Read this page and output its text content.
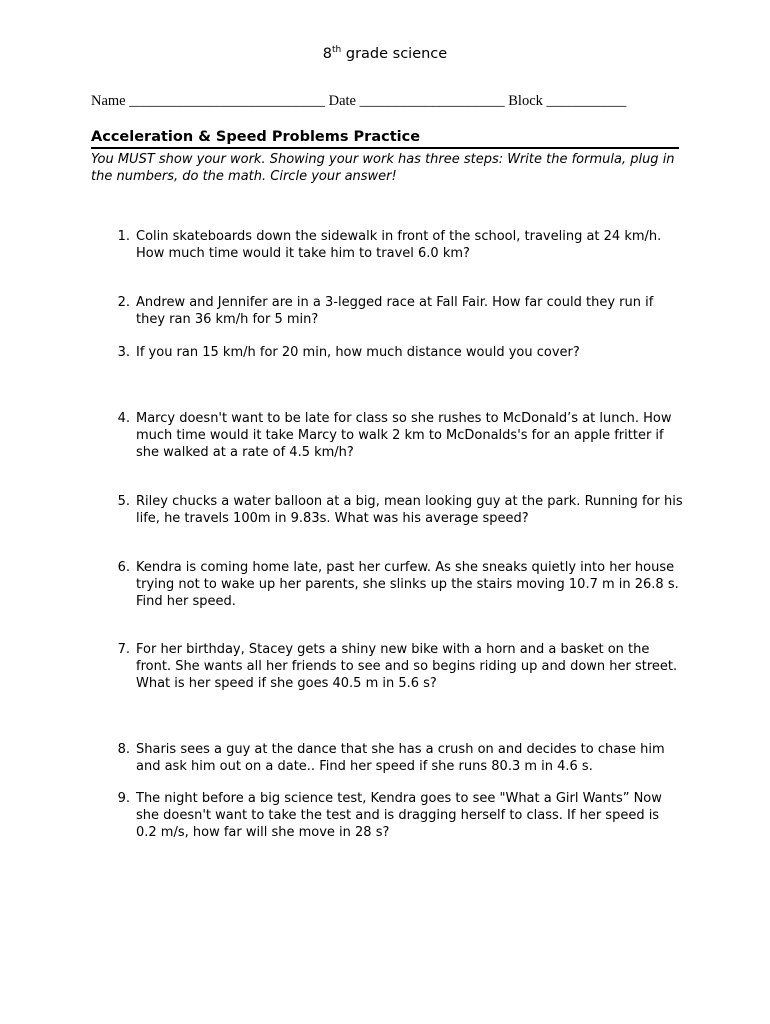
8th grade science
Name ___________________________ Date ____________________ Block ___________
Acceleration & Speed Problems Practice
You MUST show your work. Showing your work has three steps: Write the formula, plug in the numbers, do the math. Circle your answer!
1. Colin skateboards down the sidewalk in front of the school, traveling at 24 km/h. How much time would it take him to travel 6.0 km?
2. Andrew and Jennifer are in a 3-legged race at Fall Fair. How far could they run if they ran 36 km/h for 5 min?
3. If you ran 15 km/h for 20 min, how much distance would you cover?
4. Marcy doesn't want to be late for class so she rushes to McDonald’s at lunch. How much time would it take Marcy to walk 2 km to McDonalds's for an apple fritter if she walked at a rate of 4.5 km/h?
5. Riley chucks a water balloon at a big, mean looking guy at the park. Running for his life, he travels 100m in 9.83s. What was his average speed?
6. Kendra is coming home late, past her curfew. As she sneaks quietly into her house trying not to wake up her parents, she slinks up the stairs moving 10.7 m in 26.8 s. Find her speed.
7. For her birthday, Stacey gets a shiny new bike with a horn and a basket on the front. She wants all her friends to see and so begins riding up and down her street. What is her speed if she goes 40.5 m in 5.6 s?
8. Sharis sees a guy at the dance that she has a crush on and decides to chase him and ask him out on a date.. Find her speed if she runs 80.3 m in 4.6 s.
9. The night before a big science test, Kendra goes to see "What a Girl Wants” Now she doesn't want to take the test and is dragging herself to class. If her speed is 0.2 m/s, how far will she move in 28 s?
